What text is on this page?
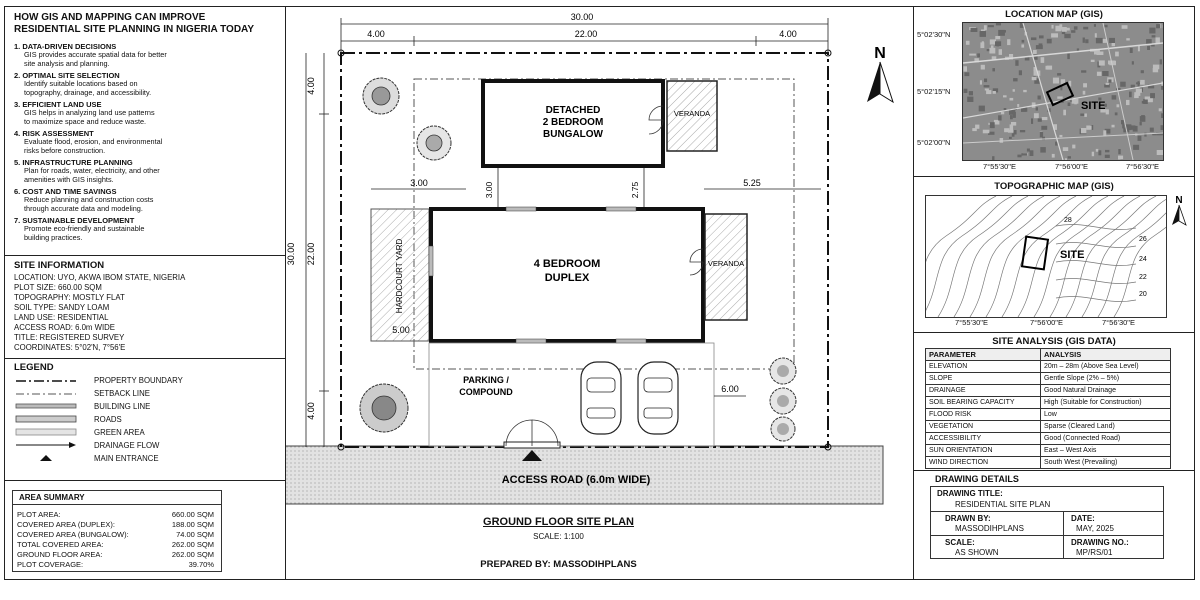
HOW GIS AND MAPPING CAN IMPROVE
RESIDENTIAL SITE PLANNING IN NIGERIA TODAY
1. DATA-DRIVEN DECISIONS
GIS provides accurate spatial data for better
site analysis and planning.
2. OPTIMAL SITE SELECTION
Identify suitable locations based on
topography, drainage, and accessibility.
3. EFFICIENT LAND USE
GIS helps in analyzing land use patterns
to maximize space and reduce waste.
4. RISK ASSESSMENT
Evaluate flood, erosion, and environmental
risks before construction.
5. INFRASTRUCTURE PLANNING
Plan for roads, water, electricity, and other
amenities with GIS insights.
6. COST AND TIME SAVINGS
Reduce planning and construction costs
through accurate data and modeling.
7. SUSTAINABLE DEVELOPMENT
Promote eco-friendly and sustainable
building practices.
SITE INFORMATION
LOCATION: UYO, AKWA IBOM STATE, NIGERIA
PLOT SIZE: 660.00 SQM
TOPOGRAPHY: MOSTLY FLAT
SOIL TYPE: SANDY LOAM
LAND USE: RESIDENTIAL
ACCESS ROAD: 6.0m WIDE
TITLE: REGISTERED SURVEY
COORDINATES: 5°02'N, 7°56'E
LEGEND
PROPERTY BOUNDARY
SETBACK LINE
BUILDING LINE
ROADS
GREEN AREA
DRAINAGE FLOW
MAIN ENTRANCE
AREA SUMMARY
PLOT AREA:	660.00 SQM
COVERED AREA (DUPLEX):	188.00 SQM
COVERED AREA (BUNGALOW):	74.00 SQM
TOTAL COVERED AREA:	262.00 SQM
GROUND FLOOR AREA:	262.00 SQM
PLOT COVERAGE:	39.70%
30.00
4.00	22.00	4.00
30.00 22.00
4.00
4.00
VERANDA
DETACHED
2 BEDROOM
BUNGALOW
3.00	3.00	2.75	5.25
HARDCOURT YARD
5.00
VERANDA
4 BEDROOM
DUPLEX
PARKING /
COMPOUND	6.00
ACCESS ROAD (6.0m WIDE)
N
GROUND FLOOR SITE PLAN
SCALE: 1:100
PREPARED BY: MASSODIHPLANS
LOCATION MAP (GIS)
SITE
5°02'30"N
5°02'15"N
5°02'00"N
7°55'30"E	7°56'00"E	7°56'30"E
TOPOGRAPHIC MAP (GIS)
SITE
28
26
24
22
20
N
7°55'30"E	7°56'00"E	7°56'30"E
SITE ANALYSIS (GIS DATA)
PARAMETER	ANALYSIS
ELEVATION	20m – 28m (Above Sea Level)
SLOPE	Gentle Slope (2% – 5%)
DRAINAGE	Good Natural Drainage
SOIL BEARING CAPACITY	High (Suitable for Construction)
FLOOD RISK	Low
VEGETATION	Sparse (Cleared Land)
ACCESSIBILITY	Good (Connected Road)
SUN ORIENTATION	East – West Axis
WIND DIRECTION	South West (Prevailing)
DRAWING DETAILS
DRAWING TITLE:
RESIDENTIAL SITE PLAN
DRAWN BY:
MASSODIHPLANS
DATE:
MAY, 2025
SCALE:
AS SHOWN
DRAWING NO.:
MP/RS/01
